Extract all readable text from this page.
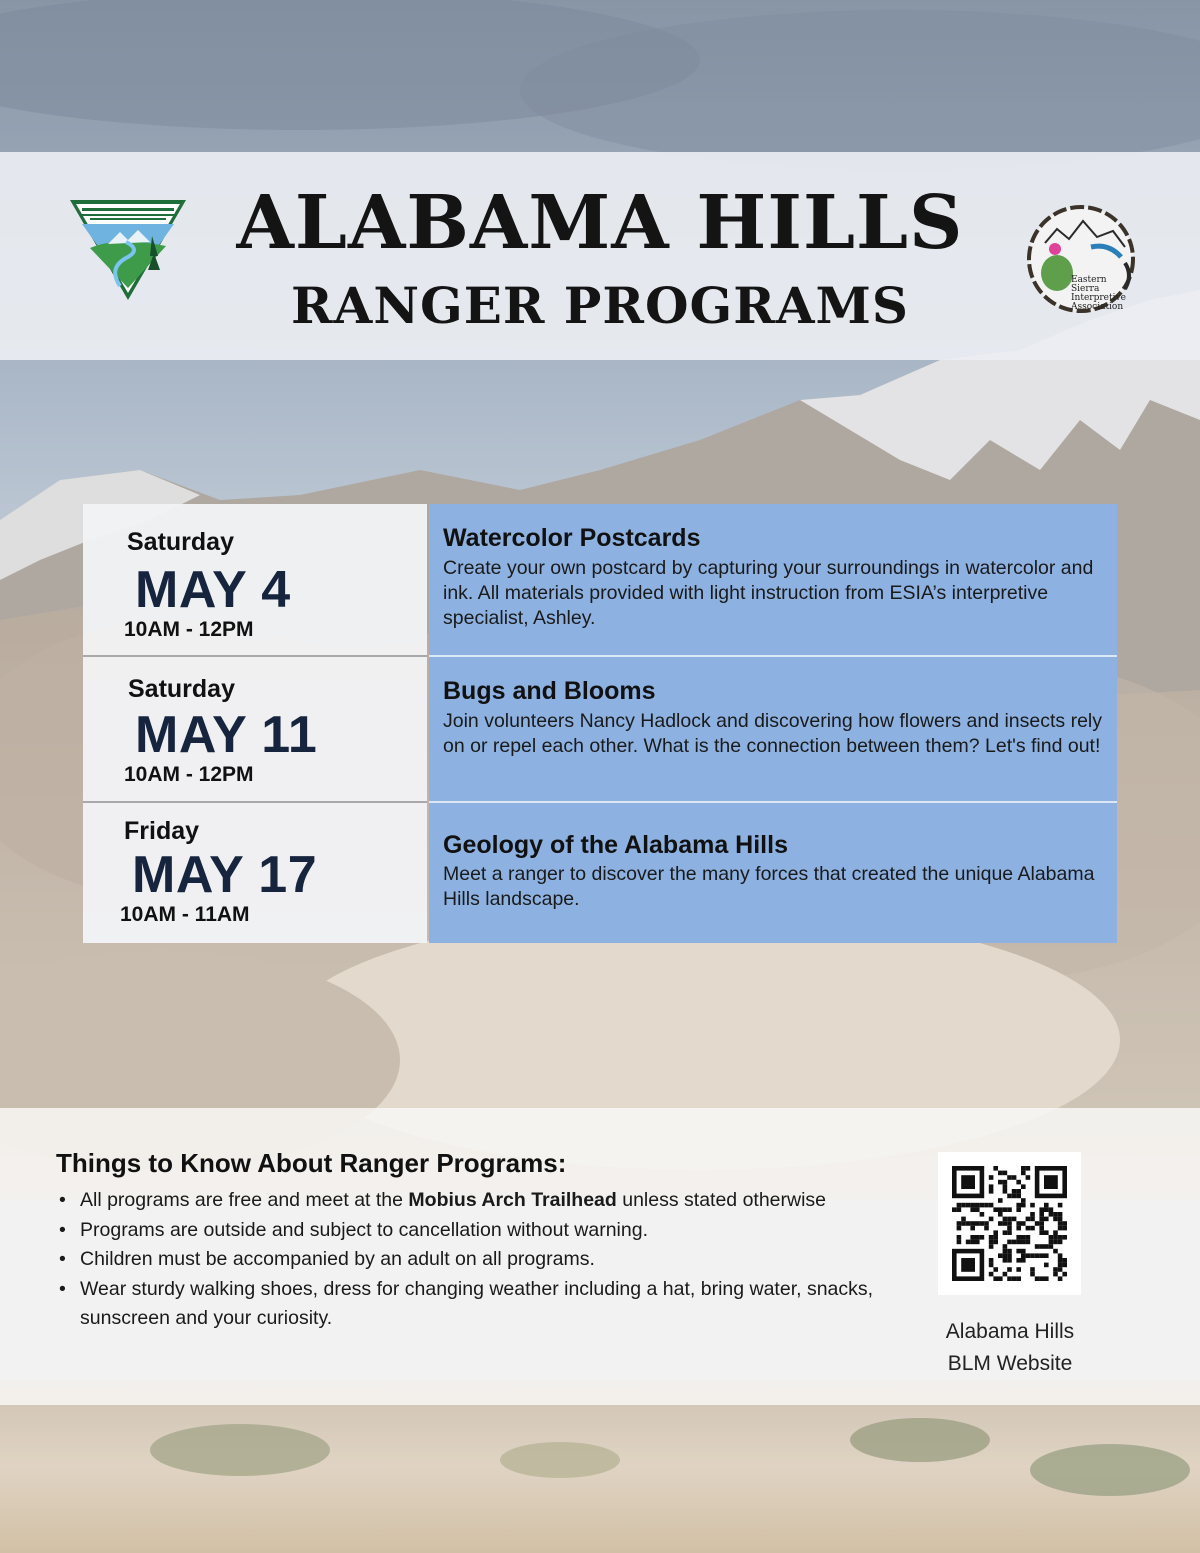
ALABAMA HILLS
RANGER PROGRAMS	Eastern
Sierra
Interpretive
Association
Saturday
MAY 4
10AM - 12PM
Watercolor Postcards
Create your own postcard by capturing your surroundings in watercolor and ink. All materials provided with light instruction from ESIA’s interpretive specialist, Ashley.
Saturday
MAY 11
10AM - 12PM
Bugs and Blooms
Join volunteers Nancy Hadlock and discovering how flowers and insects rely on or repel each other. What is the connection between them? Let's find out!
Friday
MAY 17
10AM - 11AM
Geology of the Alabama Hills
Meet a ranger to discover the many forces that created the unique Alabama Hills landscape.
Things to Know About Ranger Programs:
• All programs are free and meet at the Mobius Arch Trailhead unless stated otherwise
• Programs are outside and subject to cancellation without warning.
• Children must be accompanied by an adult on all programs.
• Wear sturdy walking shoes, dress for changing weather including a hat, bring water, snacks, sunscreen and your curiosity.
Alabama Hills
BLM Website
